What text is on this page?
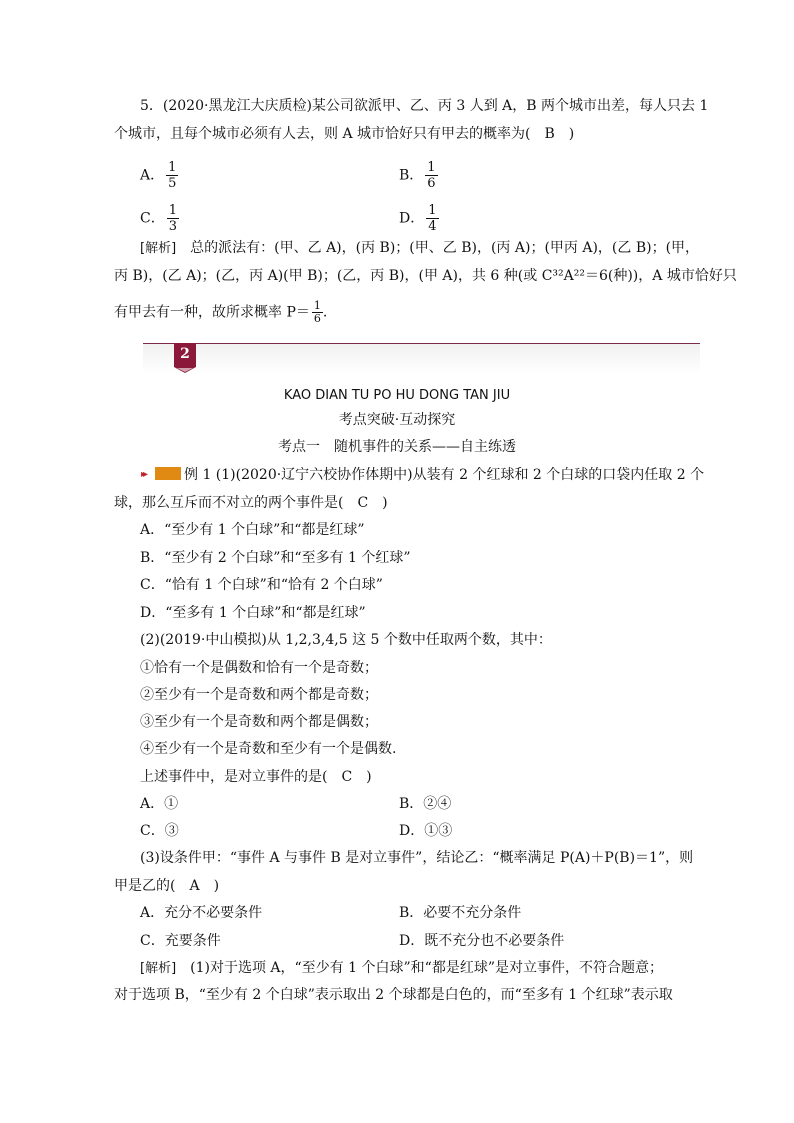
5．(2020·黑龙江大庆质检)某公司欲派甲、乙、丙 3 人到 A，B 两个城市出差，每人只去 1
个城市，且每个城市必须有人去，则 A 城市恰好只有甲去的概率为(　B　)
A． $\frac{1}{5}$	B． $\frac{1}{6}$
C． $\frac{1}{3}$	D． $\frac{1}{4}$
[解析]　总的派法有：(甲、乙 A)，(丙 B)；(甲、乙 B)，(丙 A)；(甲丙 A)，(乙 B)；(甲，
丙 B)，(乙 A)；(乙，丙 A)(甲 B)；(乙，丙 B)，(甲 A)，共 6 种(或 C³²A²²＝6(种))，A 城市恰好只
有甲去有一种，故所求概率 $P= \frac{1}{6}$ .
2
KAO DIAN TU PO HU DONG TAN JIU
考点突破·互动探究
考点一　随机事件的关系——自主练透
▸▸	例 1 (1)(2020·辽宁六校协作体期中)从装有 2 个红球和 2 个白球的口袋内任取 2 个
球，那么互斥而不对立的两个事件是(　C　)
A．“至少有 1 个白球”和“都是红球”
B．“至少有 2 个白球”和“至多有 1 个红球”
C．“恰有 1 个白球”和“恰有 2 个白球”
D．“至多有 1 个白球”和“都是红球”
(2)(2019·中山模拟)从 1,2,3,4,5 这 5 个数中任取两个数，其中：
①恰有一个是偶数和恰有一个是奇数；
②至少有一个是奇数和两个都是奇数；
③至少有一个是奇数和两个都是偶数；
④至少有一个是奇数和至少有一个是偶数.
上述事件中，是对立事件的是(　C　)
A．①	B．②④
C．③	D．①③
(3)设条件甲：“事件 A 与事件 B 是对立事件”，结论乙：“概率满足 P(A)＋P(B)＝1”，则
甲是乙的(　A　)
A．充分不必要条件	B．必要不充分条件
C．充要条件	D．既不充分也不必要条件
[解析]　(1)对于选项 A，“至少有 1 个白球”和“都是红球”是对立事件，不符合题意；
对于选项 B，“至少有 2 个白球”表示取出 2 个球都是白色的，而“至多有 1 个红球”表示取
